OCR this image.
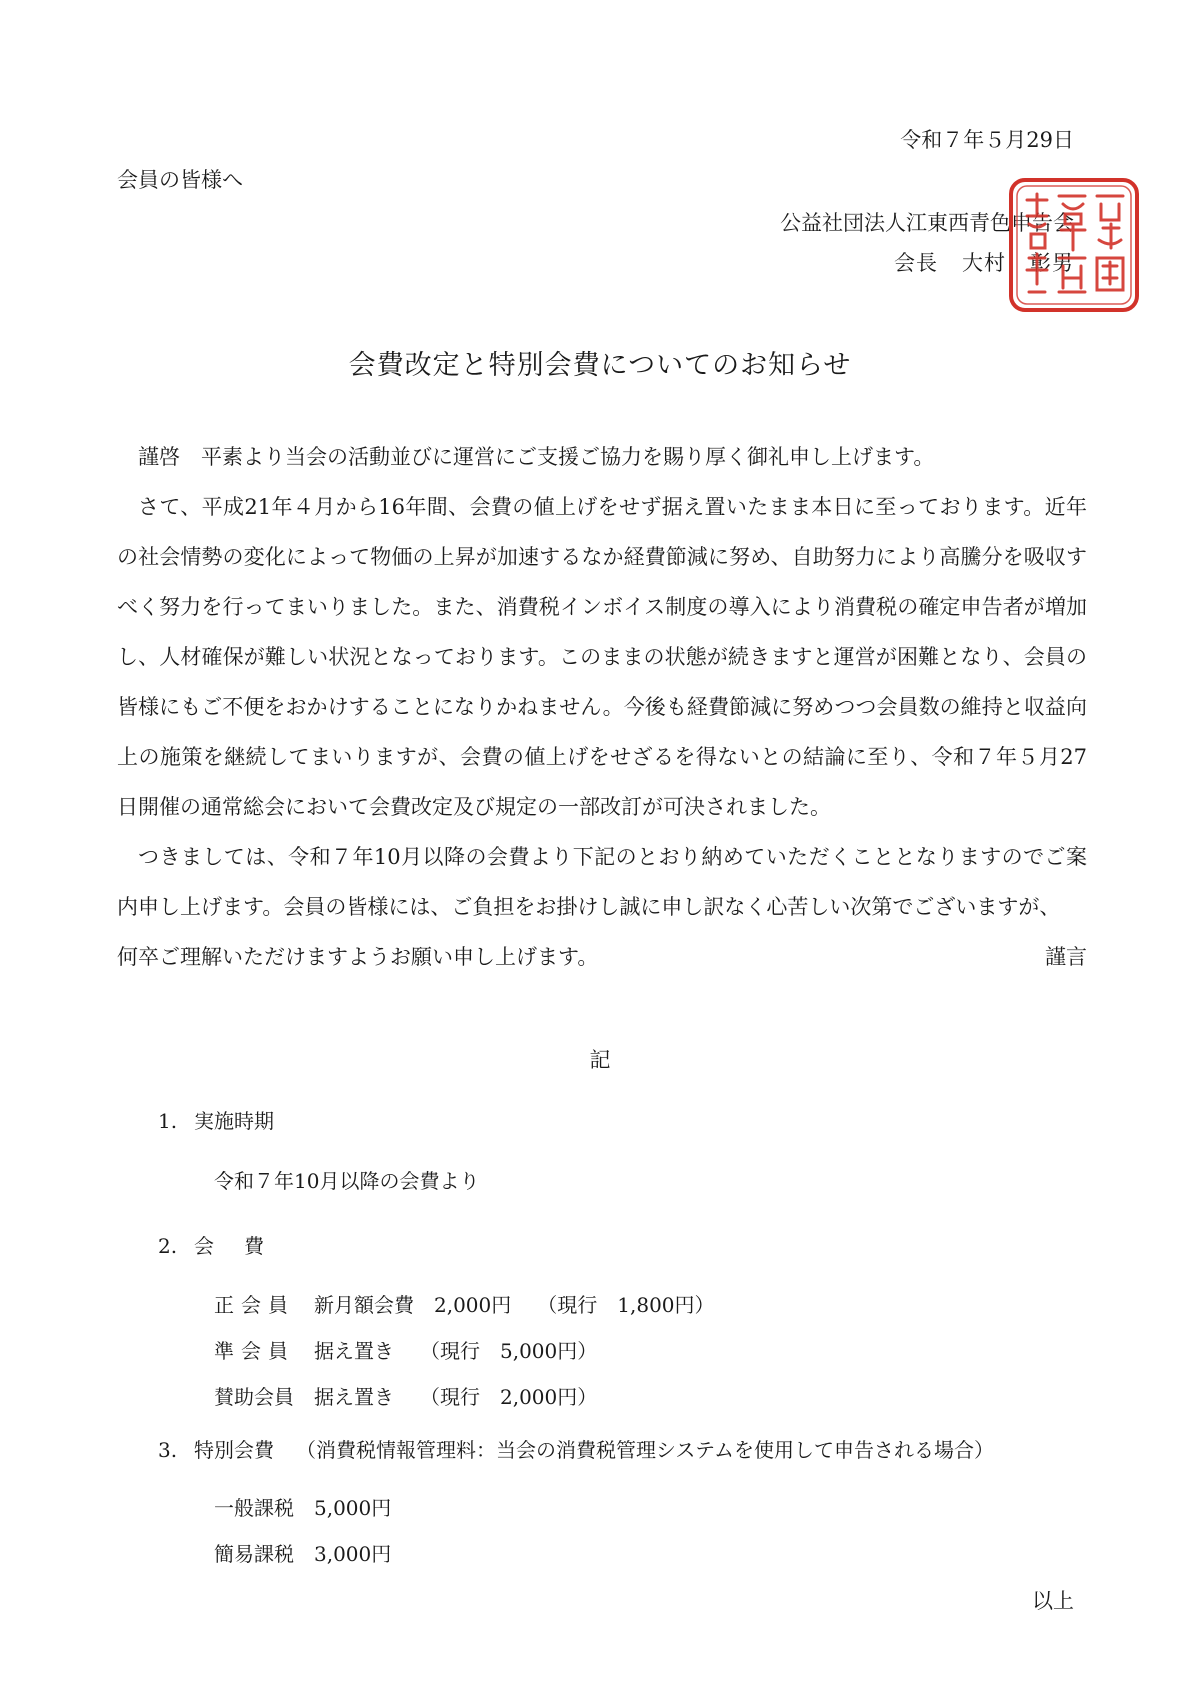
令和７年５月29日
会員の皆様へ
公益社団法人江東西青色申告会
会長 大村 彰男
会費改定と特別会費についてのお知らせ

謹啓　平素より当会の活動並びに運営にご支援ご協力を賜り厚く御礼申し上げます。

さて、平成21年４月から16年間、会費の値上げをせず据え置いたまま本日に至っております。近年の社会情勢の変化によって物価の上昇が加速するなか経費節減に努め、自助努力により高騰分を吸収すべく努力を行ってまいりました。また、消費税インボイス制度の導入により消費税の確定申告者が増加し、人材確保が難しい状況となっております。このままの状態が続きますと運営が困難となり、会員の皆様にもご不便をおかけすることになりかねません。今後も経費節減に努めつつ会員数の維持と収益向上の施策を継続してまいりますが、会費の値上げをせざるを得ないとの結論に至り、令和７年５月27日開催の通常総会において会費改定及び規定の一部改訂が可決されました。

つきましては、令和７年10月以降の会費より下記のとおり納めていただくこととなりますのでご案内申し上げます。会員の皆様には、ご負担をお掛けし誠に申し訳なく心苦しい次第でございますが、

何卒ご理解いただけますようお願い申し上げます。	謹言
記
1. 実施時期
令和７年10月以降の会費より
2. 会費
正会員 新月額会費　2,000円 （現行　1,800円）
準会員 据え置き （現行　5,000円）
賛助会員 据え置き （現行　2,000円）
3. 特別会費 （消費税情報管理料：当会の消費税管理システムを使用して申告される場合）
一般課税 5,000円
簡易課税 3,000円
以上
